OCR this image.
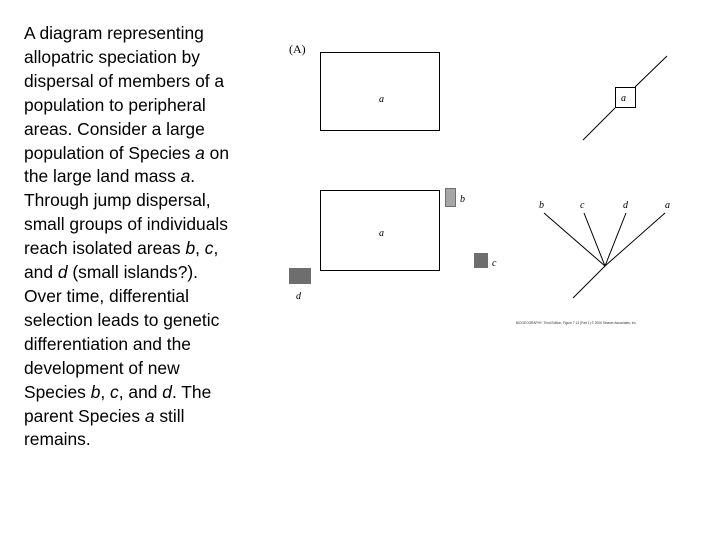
A diagram representing
allopatric speciation by
dispersal of members of a
population to peripheral
areas. Consider a large
population of Species a on
the large land mass a.
Through jump dispersal,
small groups of individuals
reach isolated areas b, c,
and d (small islands?).
Over time, differential
selection leads to genetic
differentiation and the
development of new
Species b, c, and d. The
parent Species a still
remains.

(A)
a	a
a
b
c
d
b	c	d	a
BIOGEOGRAPHY, Third Edition, Figure 7.13 (Part 1) © 2006 Sinauer Associates, Inc.
